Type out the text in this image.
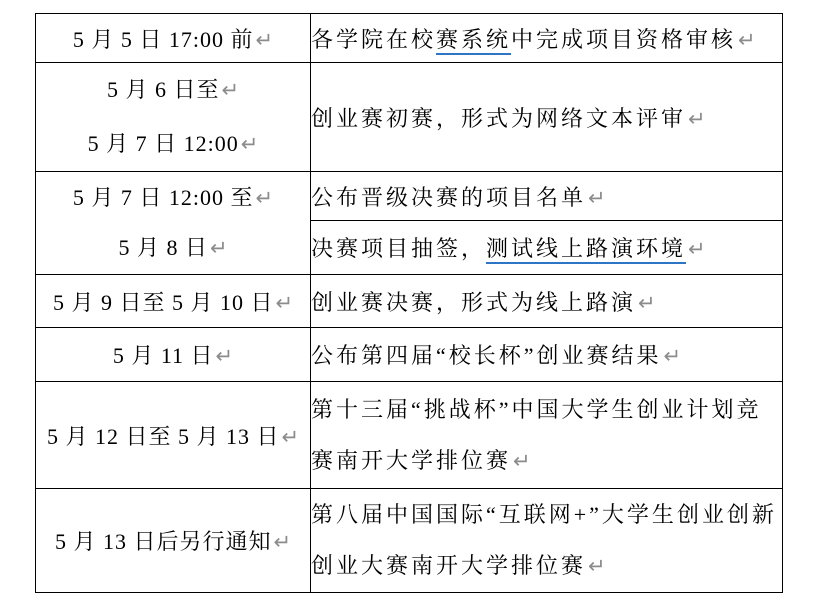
5 月 5 日 17:00 前↵	各学院在校赛系统中完成项目资格审核↵

5 月 6 日至↵
5 月 7 日 12:00↵	创业赛初赛，形式为网络文本评审↵

5 月 7 日 12:00 至↵
5 月 8 日↵	公布晋级决赛的项目名单↵
	决赛项目抽签，测试线上路演环境↵
5 月 9 日至 5 月 10 日↵	创业赛决赛，形式为线上路演↵
5 月 11 日↵	公布第四届“校长杯”创业赛结果↵
5 月 12 日至 5 月 13 日↵	第十三届“挑战杯”中国大学生创业计划竞赛南开大学排位赛↵
5 月 13 日后另行通知↵	第八届中国国际“互联网+”大学生创业创新创业大赛南开大学排位赛↵
